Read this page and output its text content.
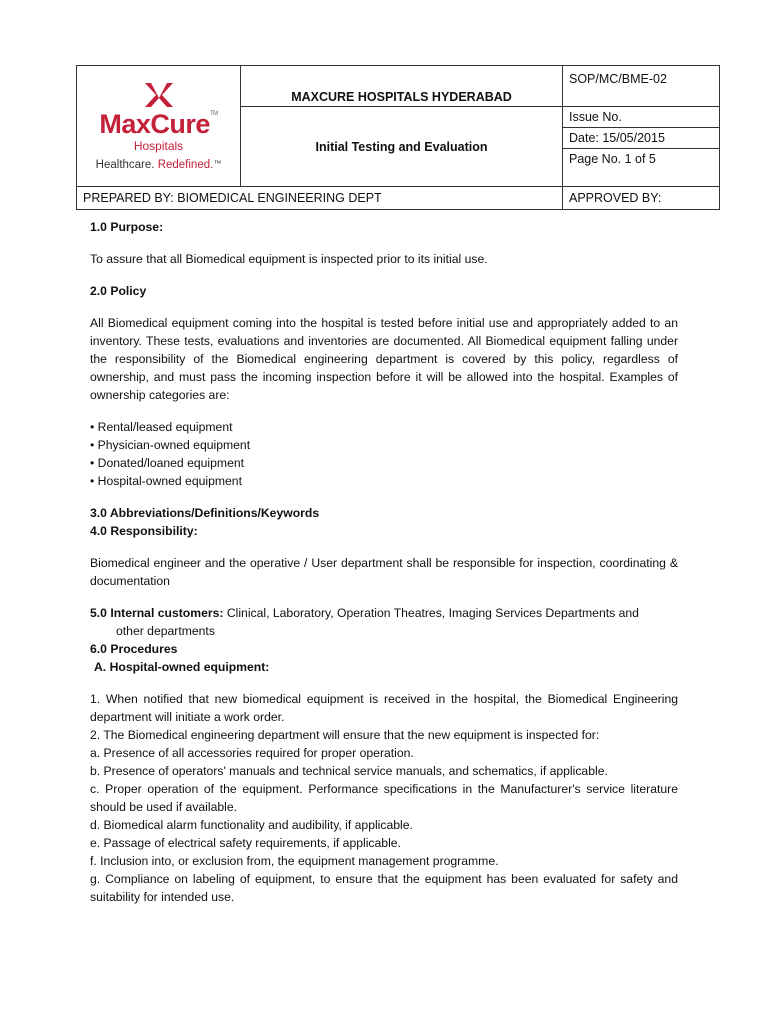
MaxCure™
Hospitals
Healthcare. Redefined.™	MAXCURE HOSPITALS HYDERABAD	SOP/MC/BME-02
	Initial Testing and Evaluation	Issue No.
		Date: 15/05/2015
		Page No. 1 of 5
PREPARED BY: BIOMEDICAL ENGINEERING DEPT		APPROVED BY:
1.0 Purpose:
To assure that all Biomedical equipment is inspected prior to its initial use.
2.0 Policy
All Biomedical equipment coming into the hospital is tested before initial use and appropriately added to an inventory. These tests, evaluations and inventories are documented. All Biomedical equipment falling under the responsibility of the Biomedical engineering department is covered by this policy, regardless of ownership, and must pass the incoming inspection before it will be allowed into the hospital. Examples of ownership categories are:
• Rental/leased equipment
• Physician-owned equipment
• Donated/loaned equipment
• Hospital-owned equipment
3.0 Abbreviations/Definitions/Keywords
4.0 Responsibility:
Biomedical engineer and the operative / User department shall be responsible for inspection, coordinating & documentation
5.0 Internal customers: Clinical, Laboratory, Operation Theatres, Imaging Services Departments and
other departments
6.0 Procedures
A. Hospital-owned equipment:
1. When notified that new biomedical equipment is received in the hospital, the Biomedical Engineering department will initiate a work order.
2. The Biomedical engineering department will ensure that the new equipment is inspected for:
a. Presence of all accessories required for proper operation.
b. Presence of operators' manuals and technical service manuals, and schematics, if applicable.
c. Proper operation of the equipment. Performance specifications in the Manufacturer's service literature should be used if available.
d. Biomedical alarm functionality and audibility, if applicable.
e. Passage of electrical safety requirements, if applicable.
f. Inclusion into, or exclusion from, the equipment management programme.
g. Compliance on labeling of equipment, to ensure that the equipment has been evaluated for safety and suitability for intended use.
